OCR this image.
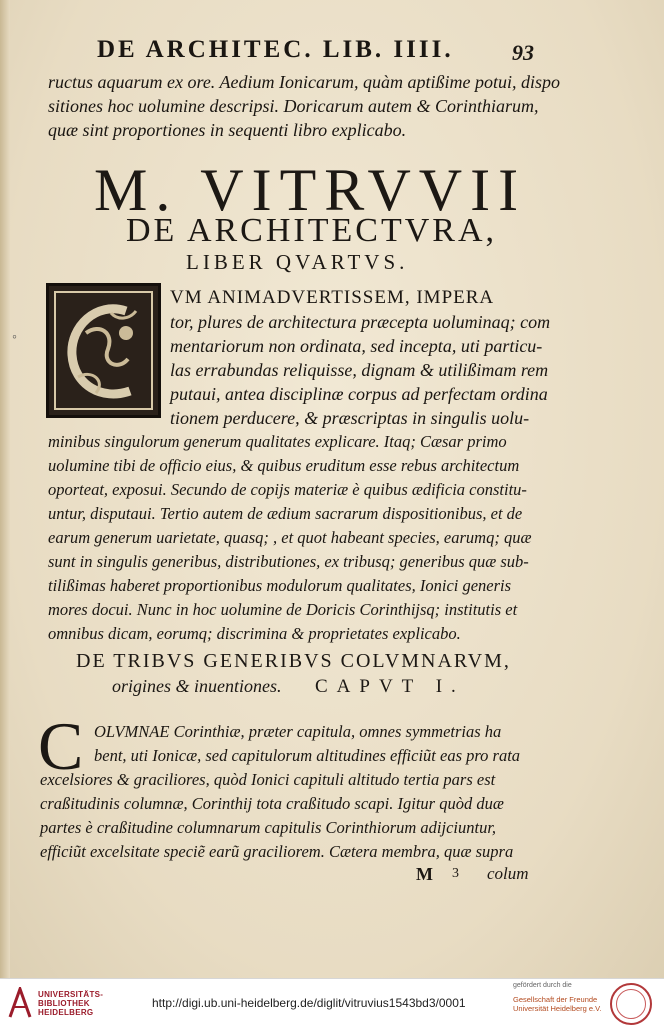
DE ARCHITEC. LIB. IIII.	93
ructus aquarum ex ore. Aedium Ionicarum, quàm aptißime potui, dispo
sitiones hoc uolumine descripsi. Doricarum autem & Corinthiarum,
quæ sint proportiones in sequenti libro explicabo.
M. VITRVVII
DE ARCHITECTVRA,
LIBER QVARTVS.
◦
VM ANIMADVERTISSEM, IMPERA
tor, plures de architectura præcepta uoluminaq; com
mentariorum non ordinata, sed incepta, uti particu-
las errabundas reliquisse, dignam & utilißimam rem
putaui, antea disciplinæ corpus ad perfectam ordina
tionem perducere, & præscriptas in singulis uolu-
minibus singulorum generum qualitates explicare. Itaq; Cæsar primo
uolumine tibi de officio eius, & quibus eruditum esse rebus architectum
oporteat, exposui. Secundo de copijs materiæ è quibus ædificia constitu-
untur, disputaui. Tertio autem de ædium sacrarum dispositionibus, et de
earum generum uarietate, quasq; , et quot habeant species, earumq; quæ
sunt in singulis generibus, distributiones, ex tribusq; generibus quæ sub-
tilißimas haberet proportionibus modulorum qualitates, Ionici generis
mores docui. Nunc in hoc uolumine de Doricis Corinthijsq; institutis et
omnibus dicam, eorumq; discrimina & proprietates explicabo.
DE TRIBVS GENERIBVS COLVMNARVM,
origines & inuentiones. CAPVT I.
C OLVMNAE Corinthiæ, præter capitula, omnes symmetrias ha
bent, uti Ionicæ, sed capitulorum altitudines efficiũt eas pro rata
excelsiores & graciliores, quòd Ionici capituli altitudo tertia pars est
craßitudinis columnæ, Corinthij tota craßitudo scapi. Igitur quòd duæ
partes è craßitudine columnarum capitulis Corinthiorum adijciuntur,
efficiũt excelsitate speciẽ earũ graciliorem. Cætera membra, quæ supra
M 3 colum
UNIVERSITÄTS-
BIBLIOTHEK
HEIDELBERG
http://digi.ub.uni-heidelberg.de/diglit/vitruvius1543bd3/0001
gefördert durch die
Gesellschaft der Freunde
Universität Heidelberg e.V.
